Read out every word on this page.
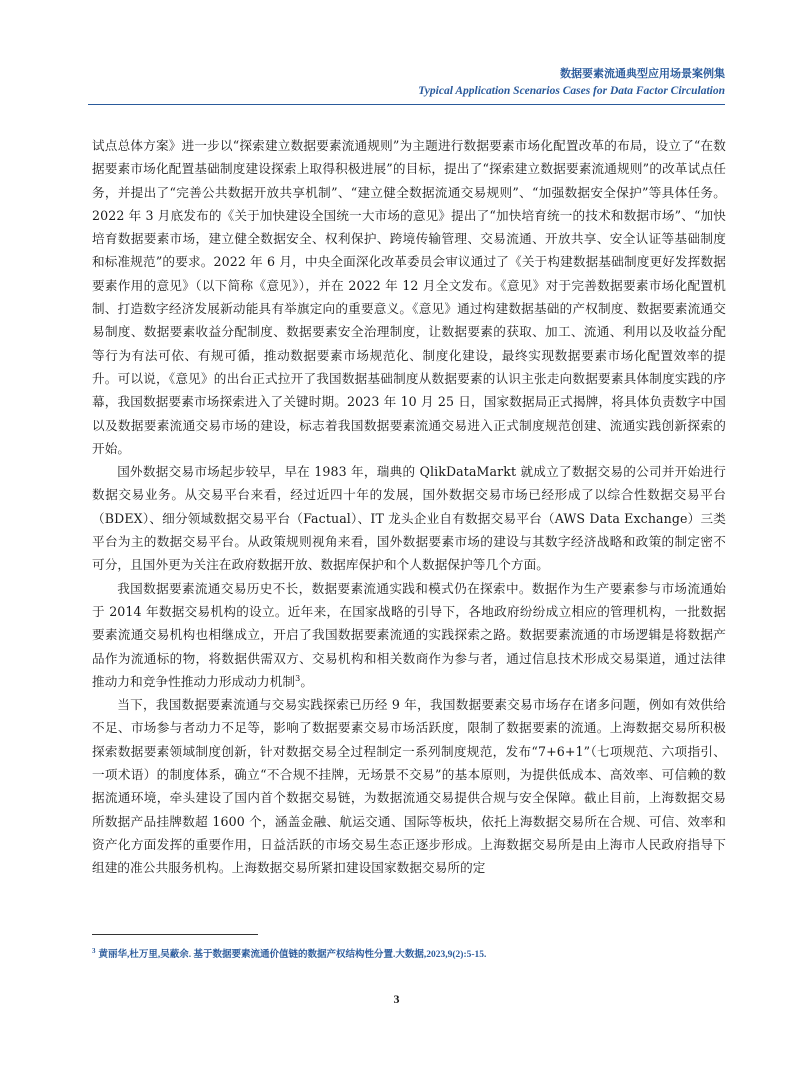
数据要素流通典型应用场景案例集
Typical Application Scenarios Cases for Data Factor Circulation

试点总体方案》进一步以“探索建立数据要素流通规则”为主题进行数据要素市场化配置改革的布局，设立了“在数据要素市场化配置基础制度建设探索上取得积极进展”的目标，提出了“探索建立数据要素流通规则”的改革试点任务，并提出了“完善公共数据开放共享机制”、“建立健全数据流通交易规则”、“加强数据安全保护”等具体任务。2022 年 3 月底发布的《关于加快建设全国统一大市场的意见》提出了“加快培育统一的技术和数据市场”、“加快培育数据要素市场，建立健全数据安全、权利保护、跨境传输管理、交易流通、开放共享、安全认证等基础制度和标准规范”的要求。2022 年 6 月，中央全面深化改革委员会审议通过了《关于构建数据基础制度更好发挥数据要素作用的意见》（以下简称《意见》），并在 2022 年 12 月全文发布。《意见》对于完善数据要素市场化配置机制、打造数字经济发展新动能具有举旗定向的重要意义。《意见》通过构建数据基础的产权制度、数据要素流通交易制度、数据要素收益分配制度、数据要素安全治理制度，让数据要素的获取、加工、流通、利用以及收益分配等行为有法可依、有规可循，推动数据要素市场规范化、制度化建设，最终实现数据要素市场化配置效率的提升。可以说，《意见》的出台正式拉开了我国数据基础制度从数据要素的认识主张走向数据要素具体制度实践的序幕，我国数据要素市场探索进入了关键时期。2023 年 10 月 25 日，国家数据局正式揭牌，将具体负责数字中国以及数据要素流通交易市场的建设，标志着我国数据要素流通交易进入正式制度规范创建、流通实践创新探索的开始。

国外数据交易市场起步较早，早在 1983 年，瑞典的 QlikDataMarkt 就成立了数据交易的公司并开始进行数据交易业务。从交易平台来看，经过近四十年的发展，国外数据交易市场已经形成了以综合性数据交易平台（BDEX）、细分领域数据交易平台（Factual）、IT 龙头企业自有数据交易平台（AWS Data Exchange）三类平台为主的数据交易平台。从政策规则视角来看，国外数据要素市场的建设与其数字经济战略和政策的制定密不可分，且国外更为关注在政府数据开放、数据库保护和个人数据保护等几个方面。

我国数据要素流通交易历史不长，数据要素流通实践和模式仍在探索中。数据作为生产要素参与市场流通始于 2014 年数据交易机构的设立。近年来，在国家战略的引导下，各地政府纷纷成立相应的管理机构，一批数据要素流通交易机构也相继成立，开启了我国数据要素流通的实践探索之路。数据要素流通的市场逻辑是将数据产品作为流通标的物，将数据供需双方、交易机构和相关数商作为参与者，通过信息技术形成交易渠道，通过法律推动力和竞争性推动力形成动力机制$^3$。

当下，我国数据要素流通与交易实践探索已历经 9 年，我国数据要素交易市场存在诸多问题，例如有效供给不足、市场参与者动力不足等，影响了数据要素交易市场活跃度，限制了数据要素的流通。上海数据交易所积极探索数据要素领域制度创新，针对数据交易全过程制定一系列制度规范，发布“7+6+1”（七项规范、六项指引、一项术语）的制度体系，确立“不合规不挂牌，无场景不交易”的基本原则，为提供低成本、高效率、可信赖的数据流通环境，牵头建设了国内首个数据交易链，为数据流通交易提供合规与安全保障。截止目前，上海数据交易所数据产品挂牌数超 1600 个，涵盖金融、航运交通、国际等板块，依托上海数据交易所在合规、可信、效率和资产化方面发挥的重要作用，日益活跃的市场交易生态正逐步形成。上海数据交易所是由上海市人民政府指导下组建的准公共服务机构。上海数据交易所紧扣建设国家数据交易所的定

$^3$ 黄丽华,杜万里,吴蔽余. 基于数据要素流通价值链的数据产权结构性分置.大数据,2023,9(2):5-15.
3
